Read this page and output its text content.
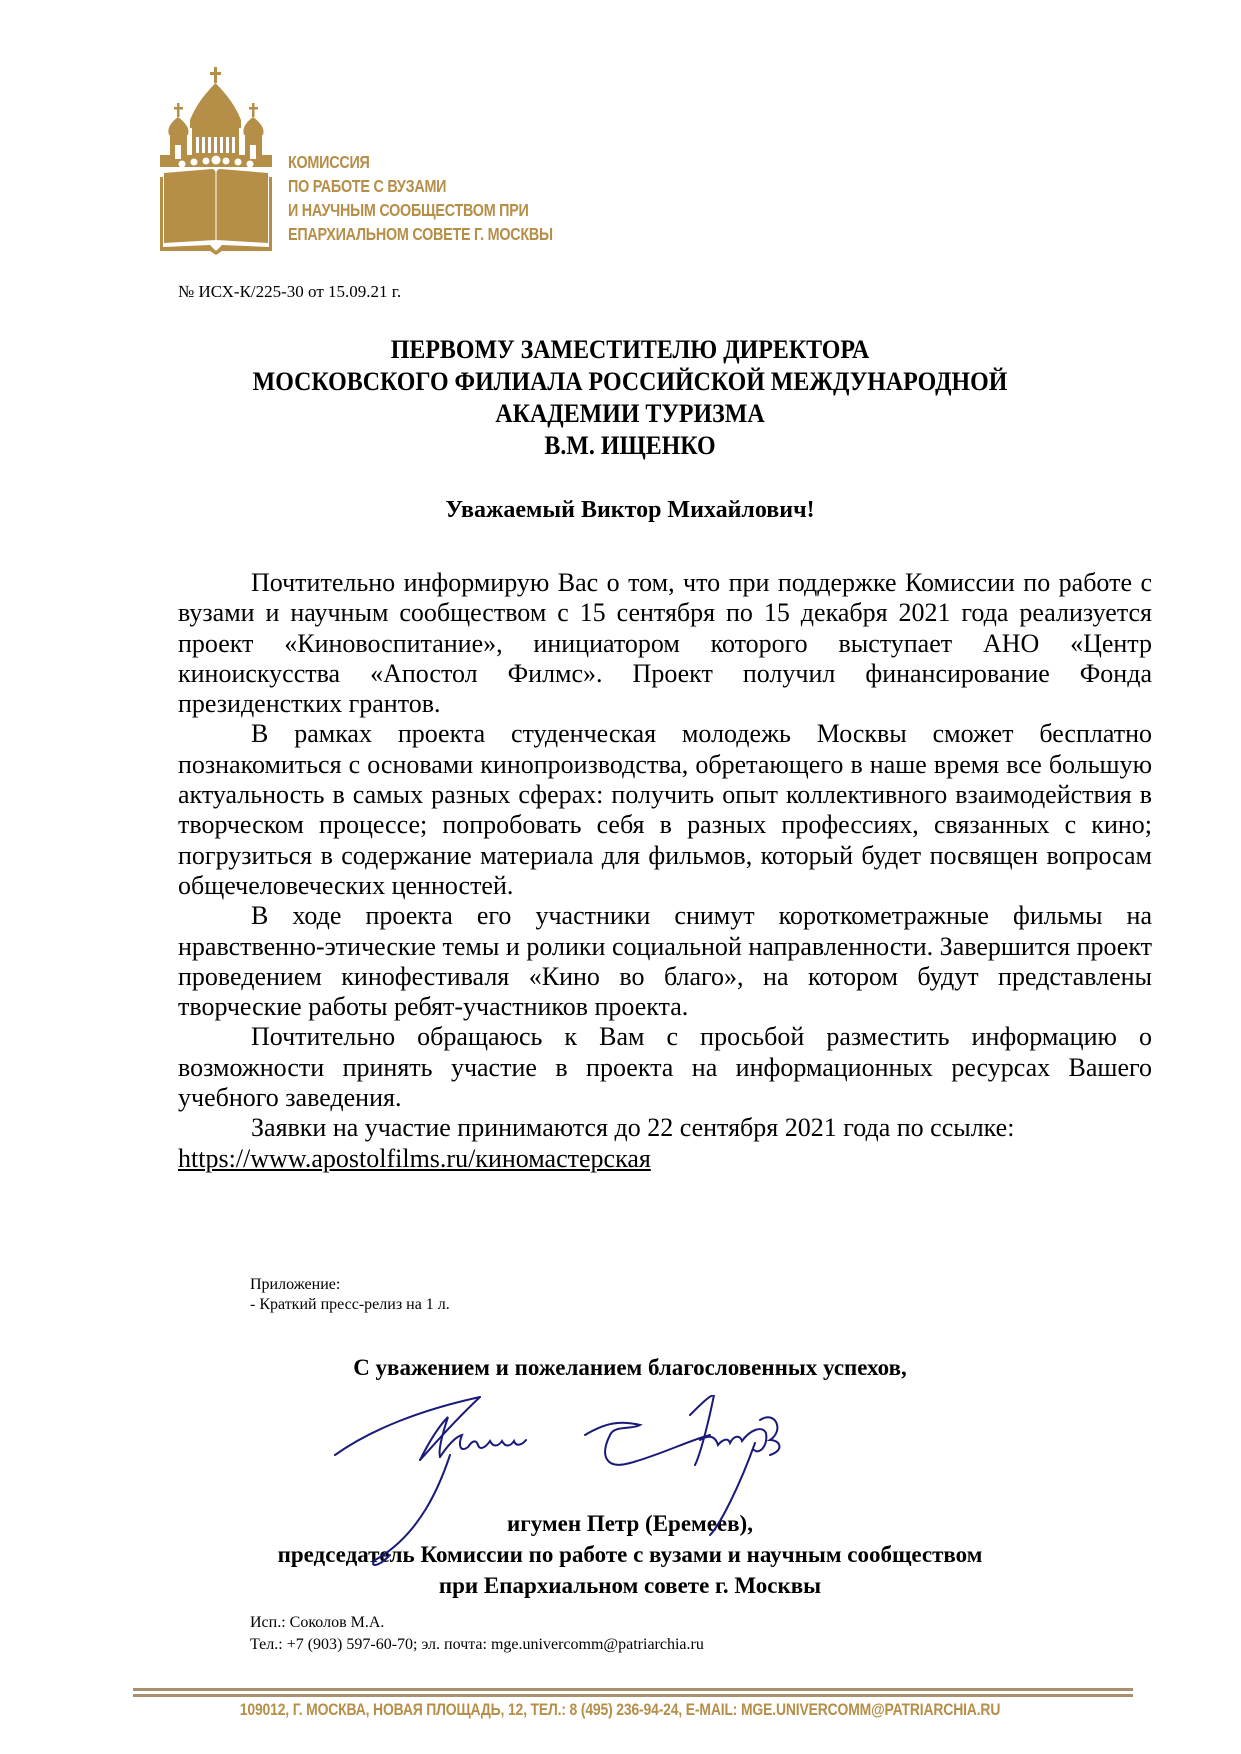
КОМИССИЯ
ПО РАБОТЕ С ВУЗАМИ
И НАУЧНЫМ СООБЩЕСТВОМ ПРИ
ЕПАРХИАЛЬНОМ СОВЕТЕ Г. МОСКВЫ
№ ИСХ-К/225-30 от 15.09.21 г.
ПЕРВОМУ ЗАМЕСТИТЕЛЮ ДИРЕКТОРА
МОСКОВСКОГО ФИЛИАЛА РОССИЙСКОЙ МЕЖДУНАРОДНОЙ
АКАДЕМИИ ТУРИЗМА
В.М. ИЩЕНКО
Уважаемый Виктор Михайлович!

Почтительно информирую Вас о том, что при поддержке Комиссии по работе с вузами и научным сообществом с 15 сентября по 15 декабря 2021 года реализуется проект «Киновоспитание», инициатором которого выступает АНО «Центр киноискусства «Апостол Филмс». Проект получил финансирование Фонда президенстких грантов.

В рамках проекта студенческая молодежь Москвы сможет бесплатно познакомиться с основами кинопроизводства, обретающего в наше время все большую актуальность в самых разных сферах: получить опыт коллективного взаимодействия в творческом процессе; попробовать себя в разных профессиях, связанных с кино; погрузиться в содержание материала для фильмов, который будет посвящен вопросам общечеловеческих ценностей.

В ходе проекта его участники снимут короткометражные фильмы на нравственно-этические темы и ролики социальной направленности. Завершится проект проведением кинофестиваля «Кино во благо», на котором будут представлены творческие работы ребят-участников проекта.

Почтительно обращаюсь к Вам с просьбой разместить информацию о возможности принять участие в проекта на информационных ресурсах Вашего учебного заведения.

Заявки на участие принимаются до 22 сентября 2021 года по ссылке:

https://www.apostolfilms.ru/киномастерская
Приложение:
- Краткий пресс-релиз на 1 л.
С уважением и пожеланием благословенных успехов,
игумен Петр (Еремеев),
председатель Комиссии по работе с вузами и научным сообществом
при Епархиальном совете г. Москвы
Исп.: Соколов М.А.
Тел.: +7 (903) 597-60-70; эл. почта: mge.univercomm@patriarchia.ru
109012, Г. МОСКВА, НОВАЯ ПЛОЩАДЬ, 12, ТЕЛ.: 8 (495) 236-94-24, E-MAIL: MGE.UNIVERCOMM@PATRIARCHIA.RU
